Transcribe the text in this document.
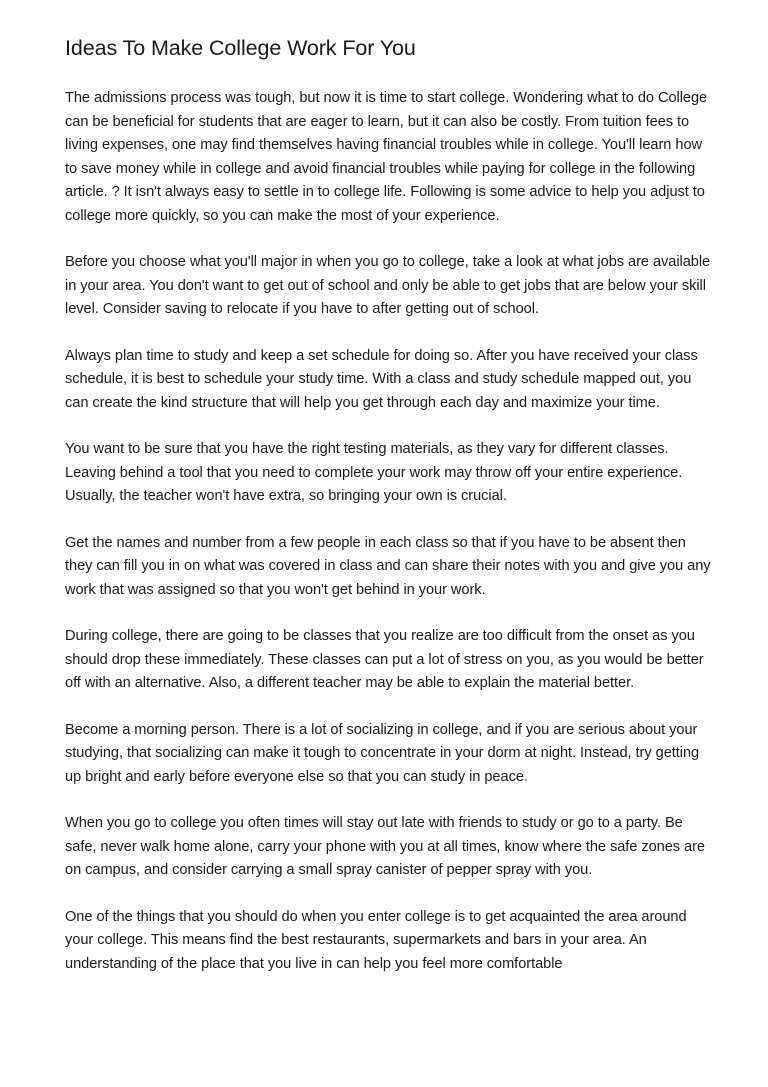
Ideas To Make College Work For You

The admissions process was tough, but now it is time to start college. Wondering what to do College can be beneficial for students that are eager to learn, but it can also be costly. From tuition fees to living expenses, one may find themselves having financial troubles while in college. You'll learn how to save money while in college and avoid financial troubles while paying for college in the following article. ? It isn't always easy to settle in to college life. Following is some advice to help you adjust to college more quickly, so you can make the most of your experience.

Before you choose what you'll major in when you go to college, take a look at what jobs are available in your area. You don't want to get out of school and only be able to get jobs that are below your skill level. Consider saving to relocate if you have to after getting out of school.

Always plan time to study and keep a set schedule for doing so. After you have received your class schedule, it is best to schedule your study time. With a class and study schedule mapped out, you can create the kind structure that will help you get through each day and maximize your time.

You want to be sure that you have the right testing materials, as they vary for different classes. Leaving behind a tool that you need to complete your work may throw off your entire experience. Usually, the teacher won't have extra, so bringing your own is crucial.

Get the names and number from a few people in each class so that if you have to be absent then they can fill you in on what was covered in class and can share their notes with you and give you any work that was assigned so that you won't get behind in your work.

During college, there are going to be classes that you realize are too difficult from the onset as you should drop these immediately. These classes can put a lot of stress on you, as you would be better off with an alternative. Also, a different teacher may be able to explain the material better.

Become a morning person. There is a lot of socializing in college, and if you are serious about your studying, that socializing can make it tough to concentrate in your dorm at night. Instead, try getting up bright and early before everyone else so that you can study in peace.

When you go to college you often times will stay out late with friends to study or go to a party. Be safe, never walk home alone, carry your phone with you at all times, know where the safe zones are on campus, and consider carrying a small spray canister of pepper spray with you.

One of the things that you should do when you enter college is to get acquainted the area around your college. This means find the best restaurants, supermarkets and bars in your area. An understanding of the place that you live in can help you feel more comfortable
